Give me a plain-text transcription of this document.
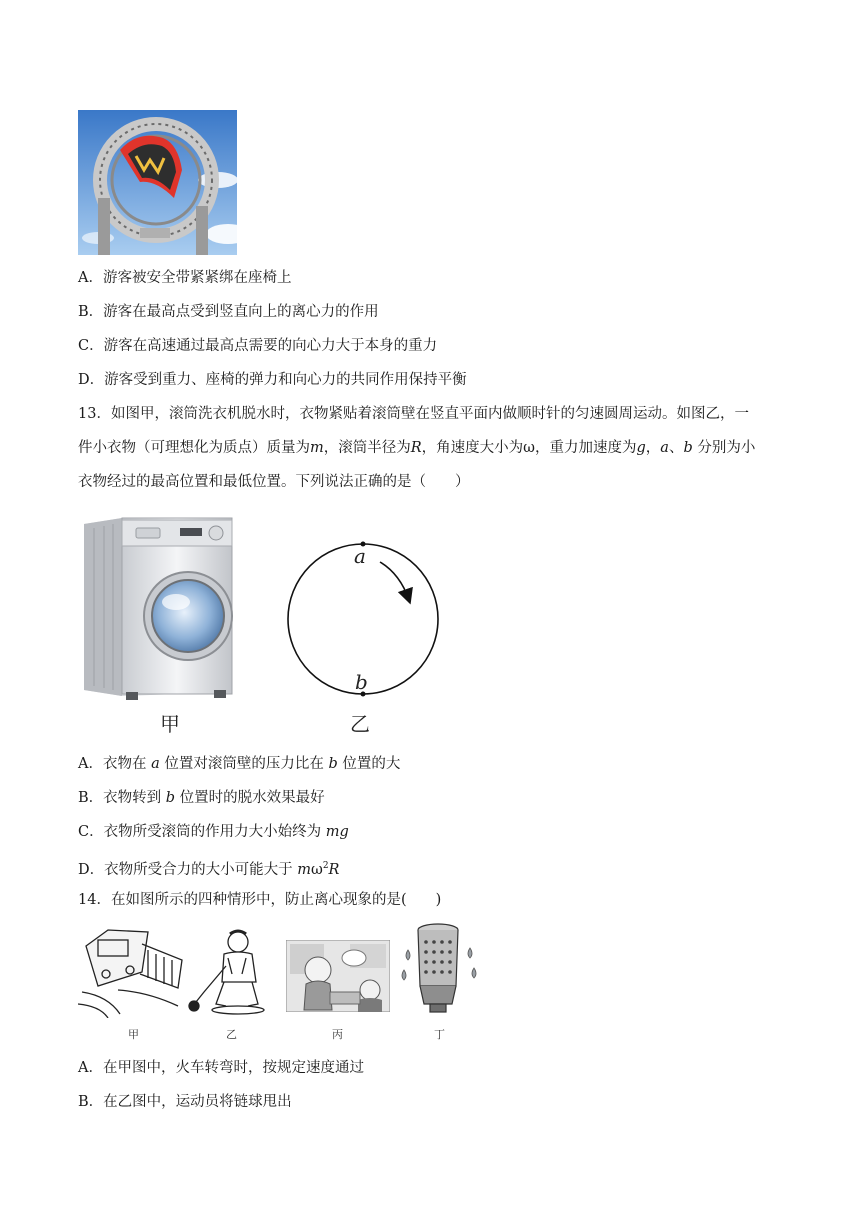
A．游客被安全带紧紧绑在座椅上
B．游客在最高点受到竖直向上的离心力的作用
C．游客在高速通过最高点需要的向心力大于本身的重力
D．游客受到重力、座椅的弹力和向心力的共同作用保持平衡
13．如图甲，滚筒洗衣机脱水时，衣物紧贴着滚筒壁在竖直平面内做顺时针的匀速圆周运动。如图乙，一
件小衣物（可理想化为质点）质量为m，滚筒半径为R，角速度大小为ω，重力加速度为g，a、b 分别为小
衣物经过的最高位置和最低位置。下列说法正确的是（　　）
甲
a
b
乙
A．衣物在 a 位置对滚筒壁的压力比在 b 位置的大
B．衣物转到 b 位置时的脱水效果最好
C．衣物所受滚筒的作用力大小始终为 mg
D．衣物所受合力的大小可能大于 $m\omega^2R$
14．在如图所示的四种情形中，防止离心现象的是(　　)
甲	乙	丙	丁
A．在甲图中，火车转弯时，按规定速度通过
B．在乙图中，运动员将链球甩出
